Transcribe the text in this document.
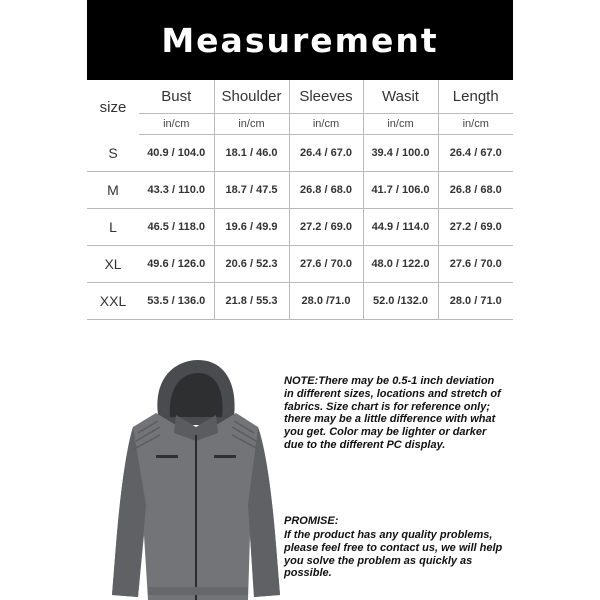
Measurement
size	Bust	Shoulder	Sleeves	Wasit	Length
	in/cm	in/cm	in/cm	in/cm	in/cm
S	40.9 / 104.0	18.1 / 46.0	26.4 / 67.0	39.4 / 100.0	26.4 / 67.0
M	43.3 / 110.0	18.7 / 47.5	26.8 / 68.0	41.7 / 106.0	26.8 / 68.0
L	46.5 / 118.0	19.6 / 49.9	27.2 / 69.0	44.9 / 114.0	27.2 / 69.0
XL	49.6 / 126.0	20.6 / 52.3	27.6 / 70.0	48.0 / 122.0	27.6 / 70.0
XXL	53.5 / 136.0	21.8 / 55.3	28.0 /71.0	52.0 /132.0	28.0 / 71.0
NOTE:There may be 0.5-1 inch deviation in different sizes, locations and stretch of fabrics. Size chart is for reference only; there may be a little difference with what you get. Color may be lighter or darker due to the different PC display.
PROMISE:
If the product has any quality problems, please feel free to contact us, we will help you solve the problem as quickly as possible.
